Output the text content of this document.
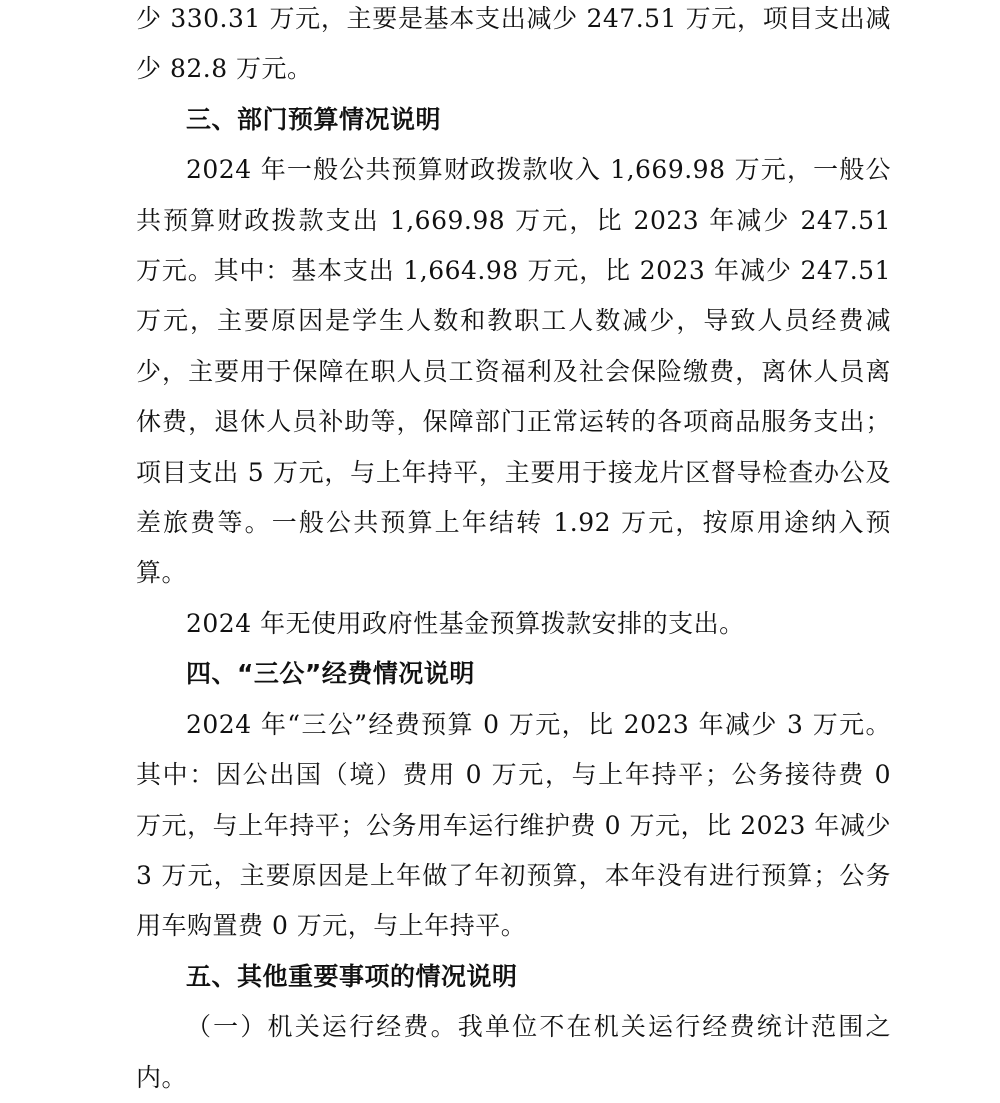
少 330.31 万元，主要是基本支出减少 247.51 万元，项目支出减少 82.8 万元。

三、部门预算情况说明

2024 年一般公共预算财政拨款收入 1,669.98 万元，一般公共预算财政拨款支出 1,669.98 万元，比 2023 年减少 247.51 万元。其中：基本支出 1,664.98 万元，比 2023 年减少 247.51 万元，主要原因是学生人数和教职工人数减少，导致人员经费减少，主要用于保障在职人员工资福利及社会保险缴费，离休人员离休费，退休人员补助等，保障部门正常运转的各项商品服务支出；项目支出 5 万元，与上年持平，主要用于接龙片区督导检查办公及差旅费等。一般公共预算上年结转 1.92 万元，按原用途纳入预算。

2024 年无使用政府性基金预算拨款安排的支出。

四、“三公”经费情况说明

2024 年“三公”经费预算 0 万元，比 2023 年减少 3 万元。其中：因公出国（境）费用 0 万元，与上年持平；公务接待费 0 万元，与上年持平；公务用车运行维护费 0 万元，比 2023 年减少 3 万元，主要原因是上年做了年初预算，本年没有进行预算；公务用车购置费 0 万元，与上年持平。

五、其他重要事项的情况说明

（一）机关运行经费。我单位不在机关运行经费统计范围之内。
